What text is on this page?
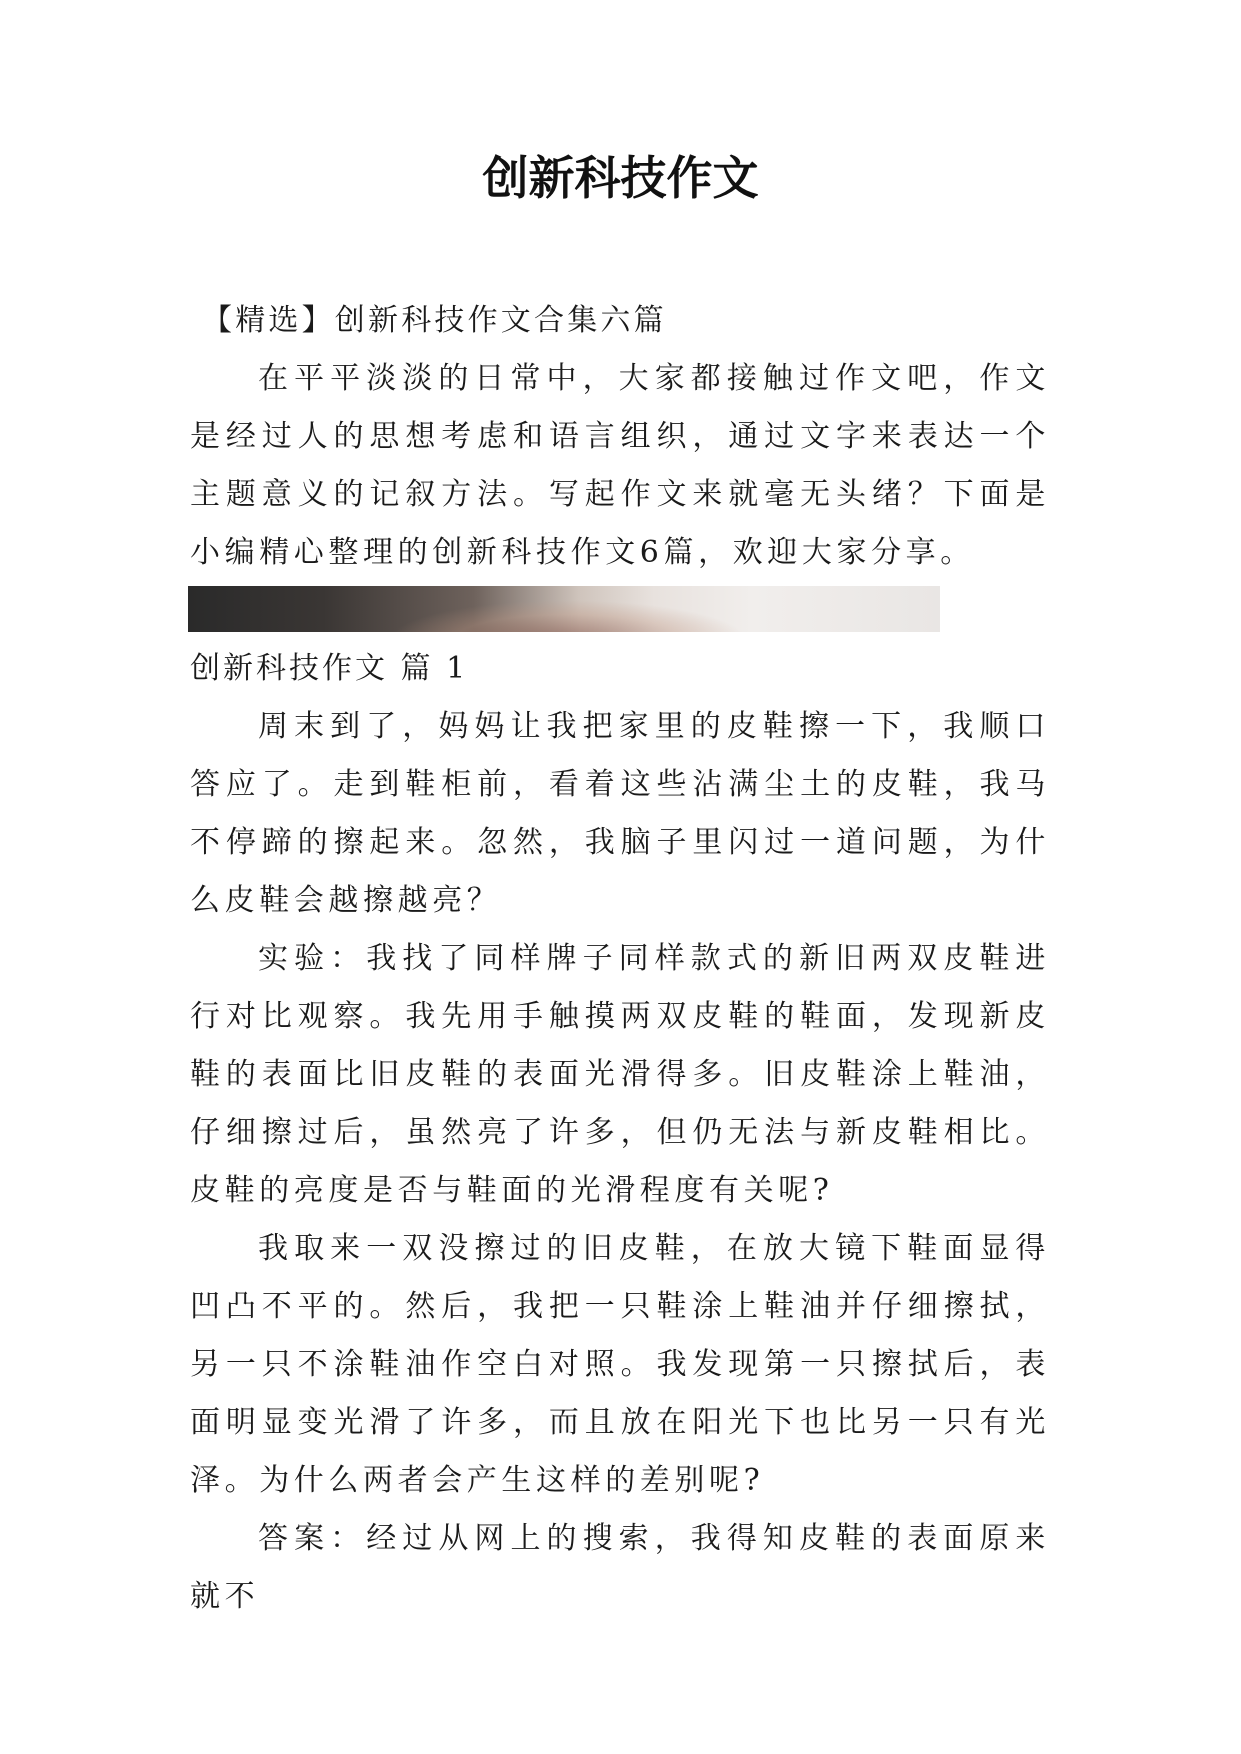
创新科技作文
【精选】创新科技作文合集六篇
在平平淡淡的日常中，大家都接触过作文吧，作文是经过人的思想考虑和语言组织，通过文字来表达一个主题意义的记叙方法。写起作文来就毫无头绪？下面是小编精心整理的创新科技作文6篇，欢迎大家分享。
创新科技作文 篇 1
周末到了，妈妈让我把家里的皮鞋擦一下，我顺口答应了。走到鞋柜前，看着这些沾满尘土的皮鞋，我马不停蹄的擦起来。忽然，我脑子里闪过一道问题，为什么皮鞋会越擦越亮？
实验：我找了同样牌子同样款式的新旧两双皮鞋进行对比观察。我先用手触摸两双皮鞋的鞋面，发现新皮鞋的表面比旧皮鞋的表面光滑得多。旧皮鞋涂上鞋油，仔细擦过后，虽然亮了许多，但仍无法与新皮鞋相比。皮鞋的亮度是否与鞋面的光滑程度有关呢?
我取来一双没擦过的旧皮鞋，在放大镜下鞋面显得凹凸不平的。然后，我把一只鞋涂上鞋油并仔细擦拭，另一只不涂鞋油作空白对照。我发现第一只擦拭后，表面明显变光滑了许多，而且放在阳光下也比另一只有光泽。为什么两者会产生这样的差别呢?
答案：经过从网上的搜索，我得知皮鞋的表面原来就不
